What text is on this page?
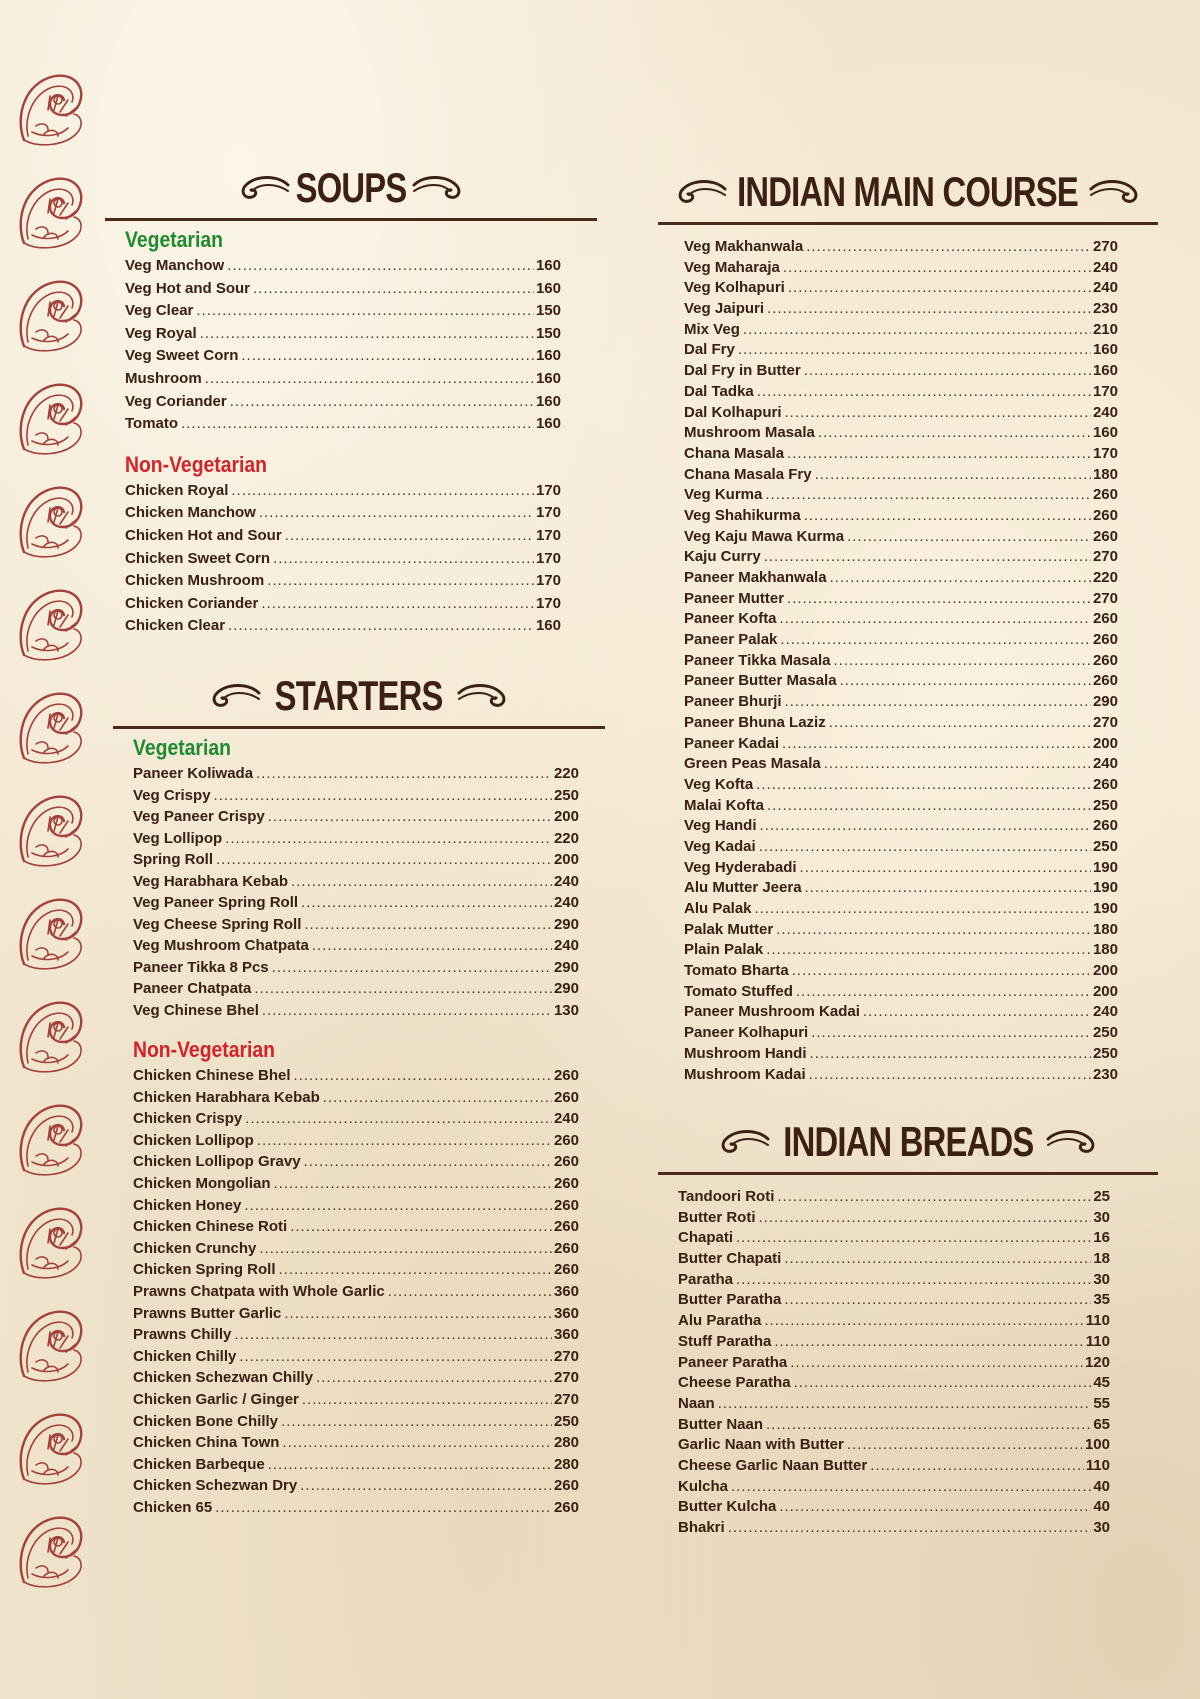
SOUPS
Vegetarian
Veg Manchow .....	160
Veg Hot and Sour .....	160
Veg Clear .....	150
Veg Royal .....	150
Veg Sweet Corn .....	160
Mushroom .....	160
Veg Coriander .....	160
Tomato .....	160
Non-Vegetarian
Chicken Royal .....	170
Chicken Manchow .....	170
Chicken Hot and Sour .....	170
Chicken Sweet Corn .....	170
Chicken Mushroom .....	170
Chicken Coriander .....	170
Chicken Clear .....	160
STARTERS
Vegetarian
Paneer Koliwada .....	220
Veg Crispy .....	250
Veg Paneer Crispy .....	200
Veg Lollipop .....	220
Spring Roll .....	200
Veg Harabhara Kebab .....	240
Veg Paneer Spring Roll .....	240
Veg Cheese Spring Roll .....	290
Veg Mushroom Chatpata .....	240
Paneer Tikka 8 Pcs .....	290
Paneer Chatpata .....	290
Veg Chinese Bhel .....	130
Non-Vegetarian
Chicken Chinese Bhel .....	260
Chicken Harabhara Kebab .....	260
Chicken Crispy .....	240
Chicken Lollipop .....	260
Chicken Lollipop Gravy .....	260
Chicken Mongolian .....	260
Chicken Honey .....	260
Chicken Chinese Roti .....	260
Chicken Crunchy .....	260
Chicken Spring Roll .....	260
Prawns Chatpata with Whole Garlic .....	360
Prawns Butter Garlic .....	360
Prawns Chilly .....	360
Chicken Chilly .....	270
Chicken Schezwan Chilly .....	270
Chicken Garlic / Ginger .....	270
Chicken Bone Chilly .....	250
Chicken China Town .....	280
Chicken Barbeque .....	280
Chicken Schezwan Dry .....	260
Chicken 65 .....	260
INDIAN MAIN COURSE
Veg Makhanwala .....	270
Veg Maharaja .....	240
Veg Kolhapuri .....	240
Veg Jaipuri .....	230
Mix Veg .....	210
Dal Fry .....	160
Dal Fry in Butter .....	160
Dal Tadka .....	170
Dal Kolhapuri .....	240
Mushroom Masala .....	160
Chana Masala .....	170
Chana Masala Fry .....	180
Veg Kurma .....	260
Veg Shahikurma .....	260
Veg Kaju Mawa Kurma .....	260
Kaju Curry .....	270
Paneer Makhanwala .....	220
Paneer Mutter .....	270
Paneer Kofta .....	260
Paneer Palak .....	260
Paneer Tikka Masala .....	260
Paneer Butter Masala .....	260
Paneer Bhurji .....	290
Paneer Bhuna Laziz .....	270
Paneer Kadai .....	200
Green Peas Masala .....	240
Veg Kofta .....	260
Malai Kofta .....	250
Veg Handi .....	260
Veg Kadai .....	250
Veg Hyderabadi .....	190
Alu Mutter Jeera .....	190
Alu Palak .....	190
Palak Mutter .....	180
Plain Palak .....	180
Tomato Bharta .....	200
Tomato Stuffed .....	200
Paneer Mushroom Kadai .....	240
Paneer Kolhapuri .....	250
Mushroom Handi .....	250
Mushroom Kadai .....	230
INDIAN BREADS
Tandoori Roti .....	25
Butter Roti .....	30
Chapati .....	16
Butter Chapati .....	18
Paratha .....	30
Butter Paratha .....	35
Alu Paratha .....	110
Stuff Paratha .....	110
Paneer Paratha .....	120
Cheese Paratha .....	45
Naan .....	55
Butter Naan .....	65
Garlic Naan with Butter .....	100
Cheese Garlic Naan Butter .....	110
Kulcha .....	40
Butter Kulcha .....	40
Bhakri .....	30
